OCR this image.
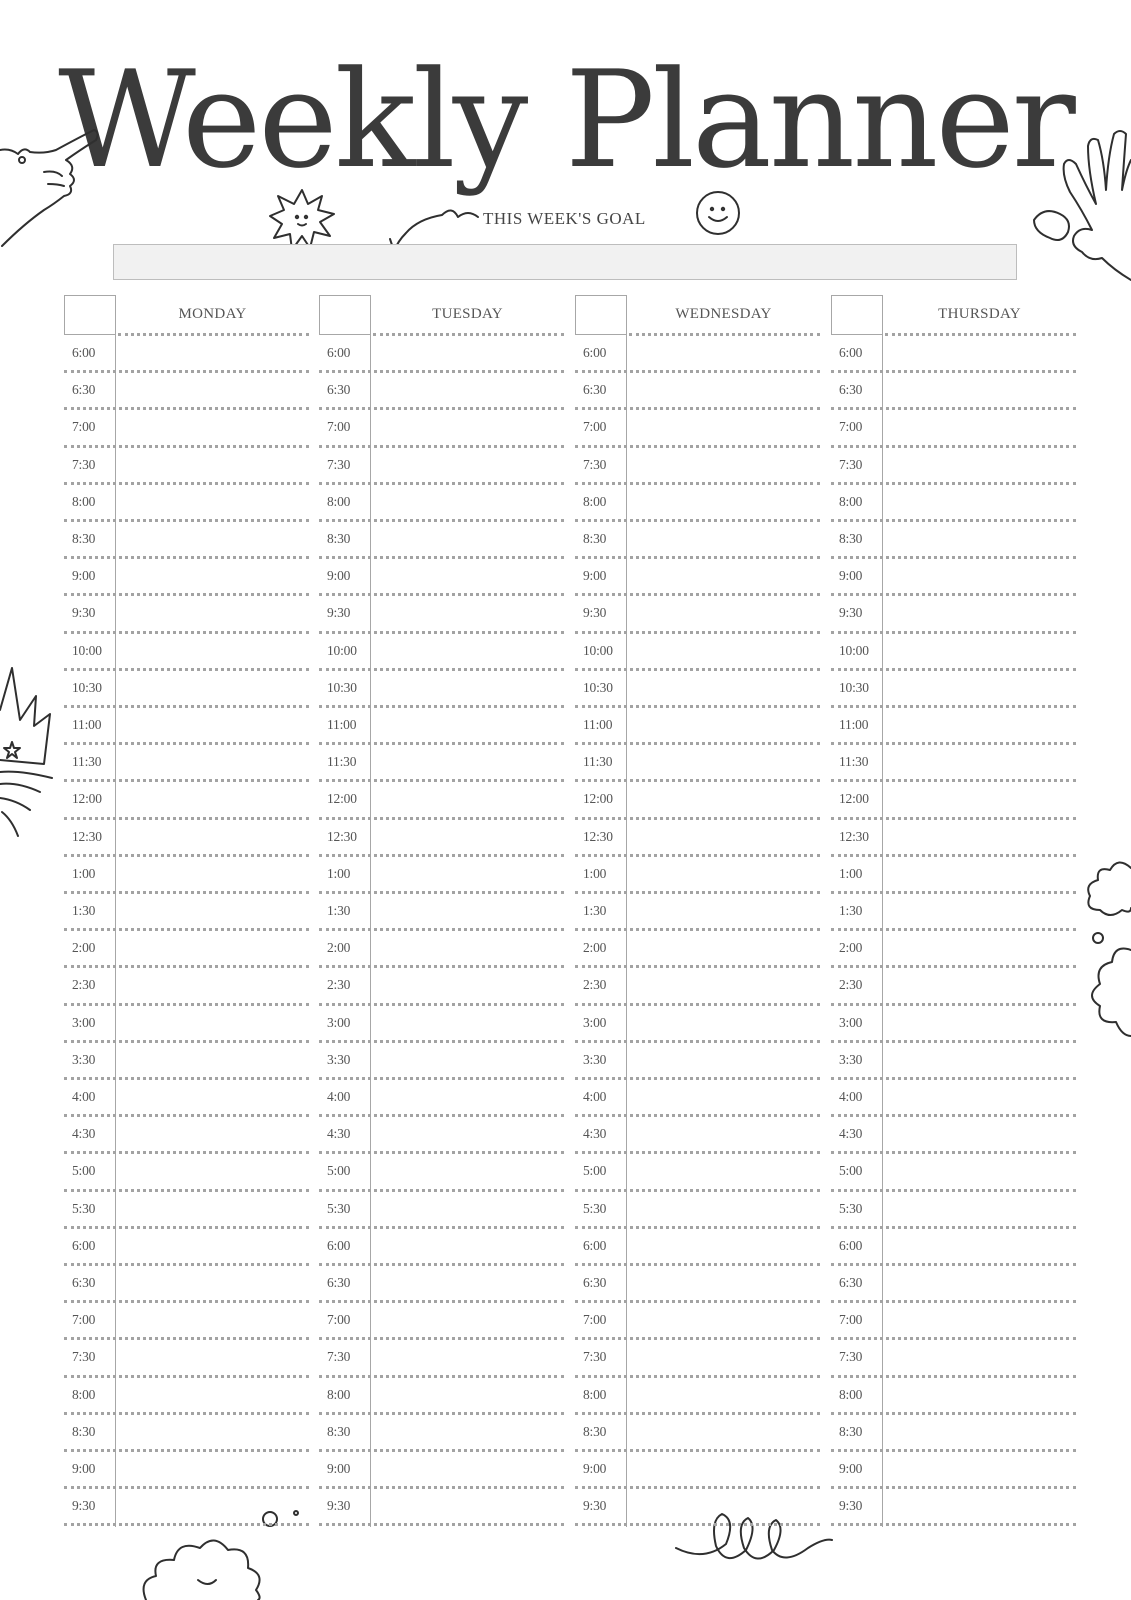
Weekly Planner
THIS WEEK'S GOAL
MONDAY
6:00
6:30
7:00
7:30
8:00
8:30
9:00
9:30
10:00
10:30
11:00
11:30
12:00
12:30
1:00
1:30
2:00
2:30
3:00
3:30
4:00
4:30
5:00
5:30
6:00
6:30
7:00
7:30
8:00
8:30
9:00
9:30
TUESDAY
6:00
6:30
7:00
7:30
8:00
8:30
9:00
9:30
10:00
10:30
11:00
11:30
12:00
12:30
1:00
1:30
2:00
2:30
3:00
3:30
4:00
4:30
5:00
5:30
6:00
6:30
7:00
7:30
8:00
8:30
9:00
9:30
WEDNESDAY
6:00
6:30
7:00
7:30
8:00
8:30
9:00
9:30
10:00
10:30
11:00
11:30
12:00
12:30
1:00
1:30
2:00
2:30
3:00
3:30
4:00
4:30
5:00
5:30
6:00
6:30
7:00
7:30
8:00
8:30
9:00
9:30
THURSDAY
6:00
6:30
7:00
7:30
8:00
8:30
9:00
9:30
10:00
10:30
11:00
11:30
12:00
12:30
1:00
1:30
2:00
2:30
3:00
3:30
4:00
4:30
5:00
5:30
6:00
6:30
7:00
7:30
8:00
8:30
9:00
9:30
